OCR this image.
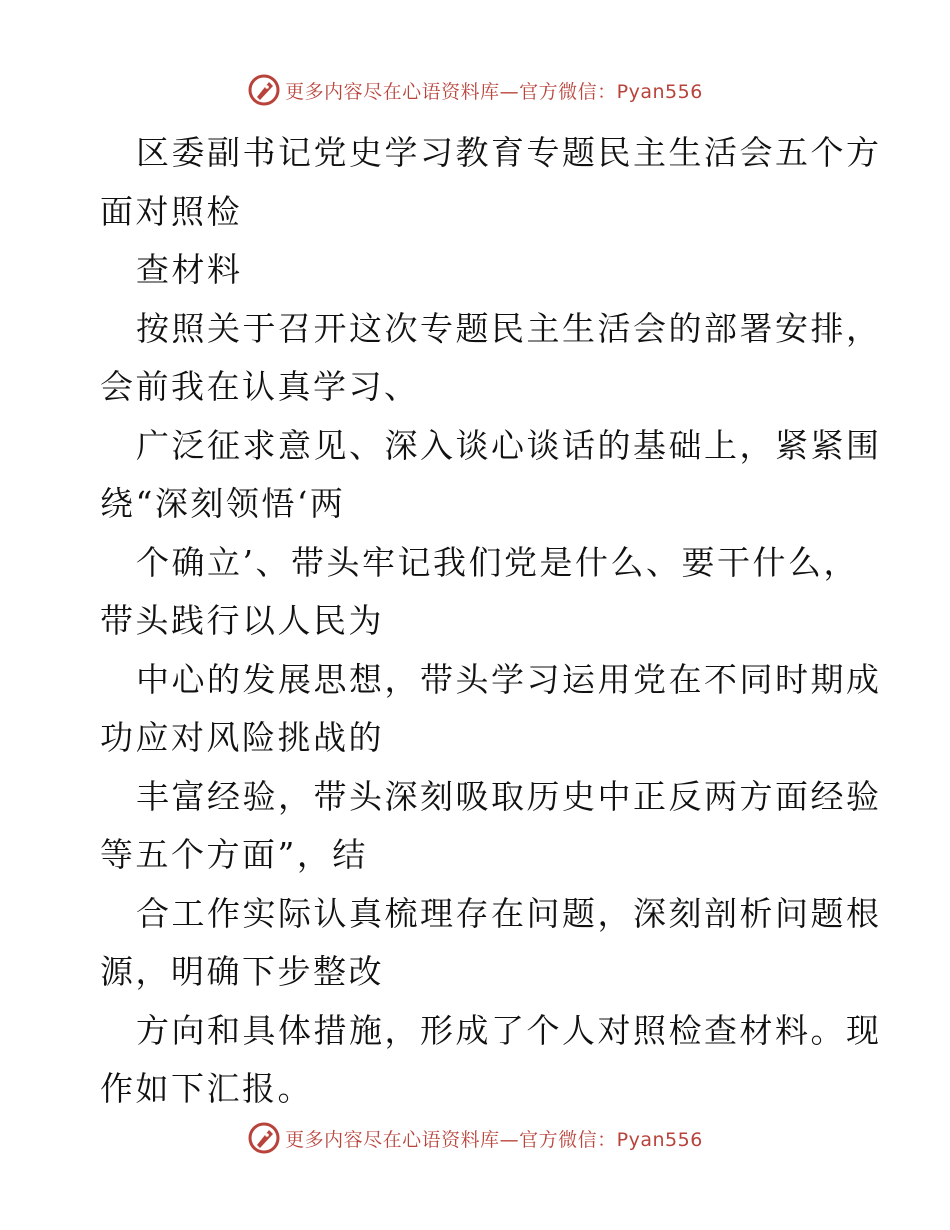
更多内容尽在心语资料库—官方微信：Pyan556

区委副书记党史学习教育专题民主生活会五个方
面对照检
查材料
按照关于召开这次专题民主生活会的部署安排，
会前我在认真学习、
广泛征求意见、深入谈心谈话的基础上，紧紧围
绕“深刻领悟‘两
个确立’、带头牢记我们党是什么、要干什么，
带头践行以人民为
中心的发展思想，带头学习运用党在不同时期成
功应对风险挑战的
丰富经验，带头深刻吸取历史中正反两方面经验
等五个方面”，结
合工作实际认真梳理存在问题，深刻剖析问题根
源，明确下步整改
方向和具体措施，形成了个人对照检查材料。现
作如下汇报。

更多内容尽在心语资料库—官方微信：Pyan556
